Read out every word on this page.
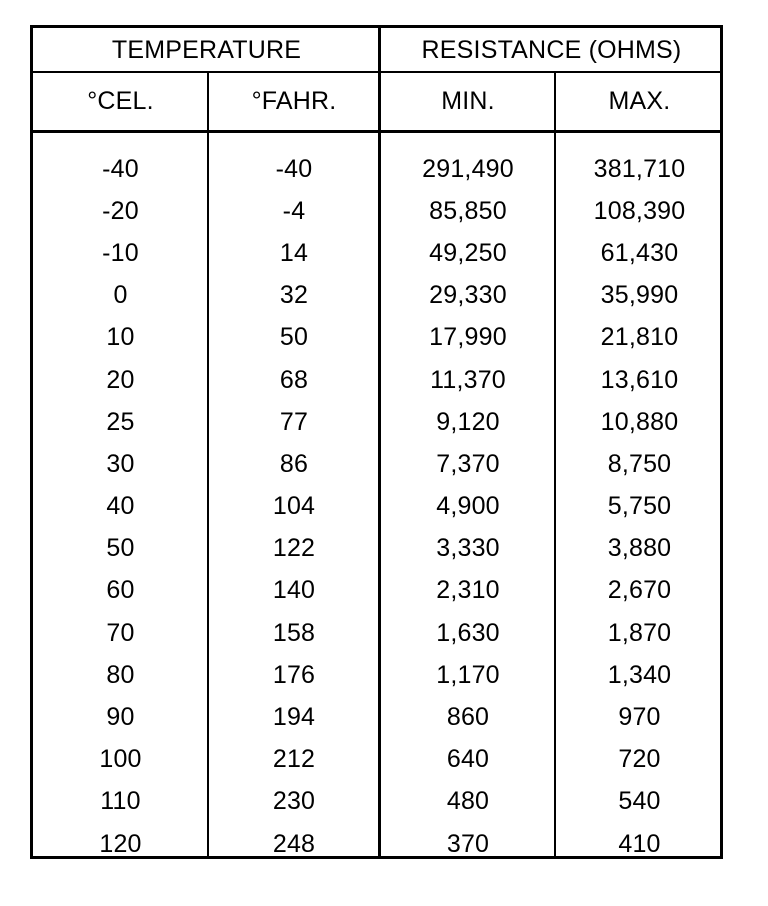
TEMPERATURE	RESISTANCE (OHMS)
°CEL.	°FAHR.	MIN.	MAX.
-40	-40	291,490	381,710
-20	-4	85,850	108,390
-10	14	49,250	61,430
0	32	29,330	35,990
10	50	17,990	21,810
20	68	11,370	13,610
25	77	9,120	10,880
30	86	7,370	8,750
40	104	4,900	5,750
50	122	3,330	3,880
60	140	2,310	2,670
70	158	1,630	1,870
80	176	1,170	1,340
90	194	860	970
100	212	640	720
110	230	480	540
120	248	370	410
